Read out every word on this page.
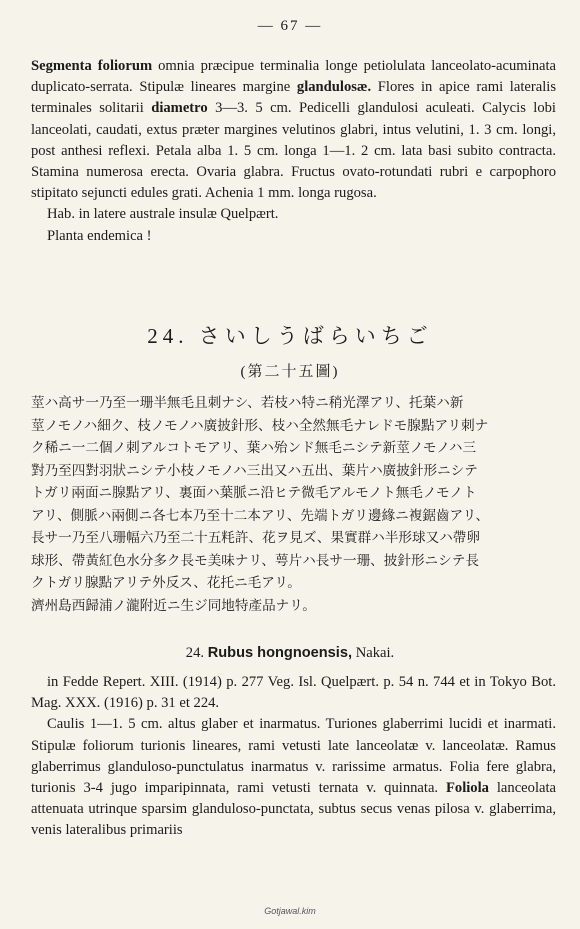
— 67 —

Segmenta foliorum omnia præcipue terminalia longe petiolulata lanceolato-acuminata duplicato-serrata. Stipulæ lineares margine glandulosæ. Flores in apice rami lateralis terminales solitarii diametro 3—3. 5 cm. Pedicelli glandulosi aculeati. Calycis lobi lanceolati, caudati, extus præter margines velutinos glabri, intus velutini, 1. 3 cm. longi, post anthesi reflexi. Petala alba 1. 5 cm. longa 1—1. 2 cm. lata basi subito contracta. Stamina numerosa erecta. Ovaria glabra. Fructus ovato-rotundati rubri e carpophoro stipitato sejuncti edules grati. Achenia 1 mm. longa rugosa.

Hab. in latere australe insulæ Quelpært.

Planta endemica !

24. さいしうばらいちご
(第二十五圖)

莖ハ高サ一乃至一珊半無毛且刺ナシ、若枝ハ特ニ稍光澤アリ、托葉ハ新

莖ノモノハ細ク、枝ノモノハ廣披針形、枝ハ全然無毛ナレドモ腺點アリ刺ナ

ク稀ニ一二個ノ刺アルコトモアリ、葉ハ殆ンド無毛ニシテ新莖ノモノハ三

對乃至四對羽狀ニシテ小枝ノモノハ三出又ハ五出、葉片ハ廣披針形ニシテ

トガリ兩面ニ腺點アリ、裏面ハ葉脈ニ沿ヒテ微毛アルモノト無毛ノモノト

アリ、側脈ハ兩側ニ各七本乃至十二本アリ、先端トガリ邊緣ニ複鋸齒アリ、

長サ一乃至八珊幅六乃至二十五粍許、花ヲ見ズ、果實群ハ半形球又ハ帶卵

球形、帶黃紅色水分多ク長モ美味ナリ、萼片ハ長サ一珊、披針形ニシテ長

クトガリ腺點アリテ外反ス、花托ニ毛アリ。

濟州島西歸浦ノ瀧附近ニ生ジ同地特產品ナリ。

24. Rubus hongnoensis, Nakai.

in Fedde Repert. XIII. (1914) p. 277 Veg. Isl. Quelpært. p. 54 n. 744 et in Tokyo Bot. Mag. XXX. (1916) p. 31 et 224.

Caulis 1—1. 5 cm. altus glaber et inarmatus. Turiones glaberrimi lucidi et inarmati. Stipulæ foliorum turionis lineares, rami vetusti late lanceolatæ v. lanceolatæ. Ramus glaberrimus glanduloso-punctulatus inarmatus v. rarissime armatus. Folia fere glabra, turionis 3-4 jugo imparipinnata, rami vetusti ternata v. quinnata. Foliola lanceolata attenuata utrinque sparsim glanduloso-punctata, subtus secus venas pilosa v. glaberrima, venis lateralibus primariis

Gotjawal.kim
